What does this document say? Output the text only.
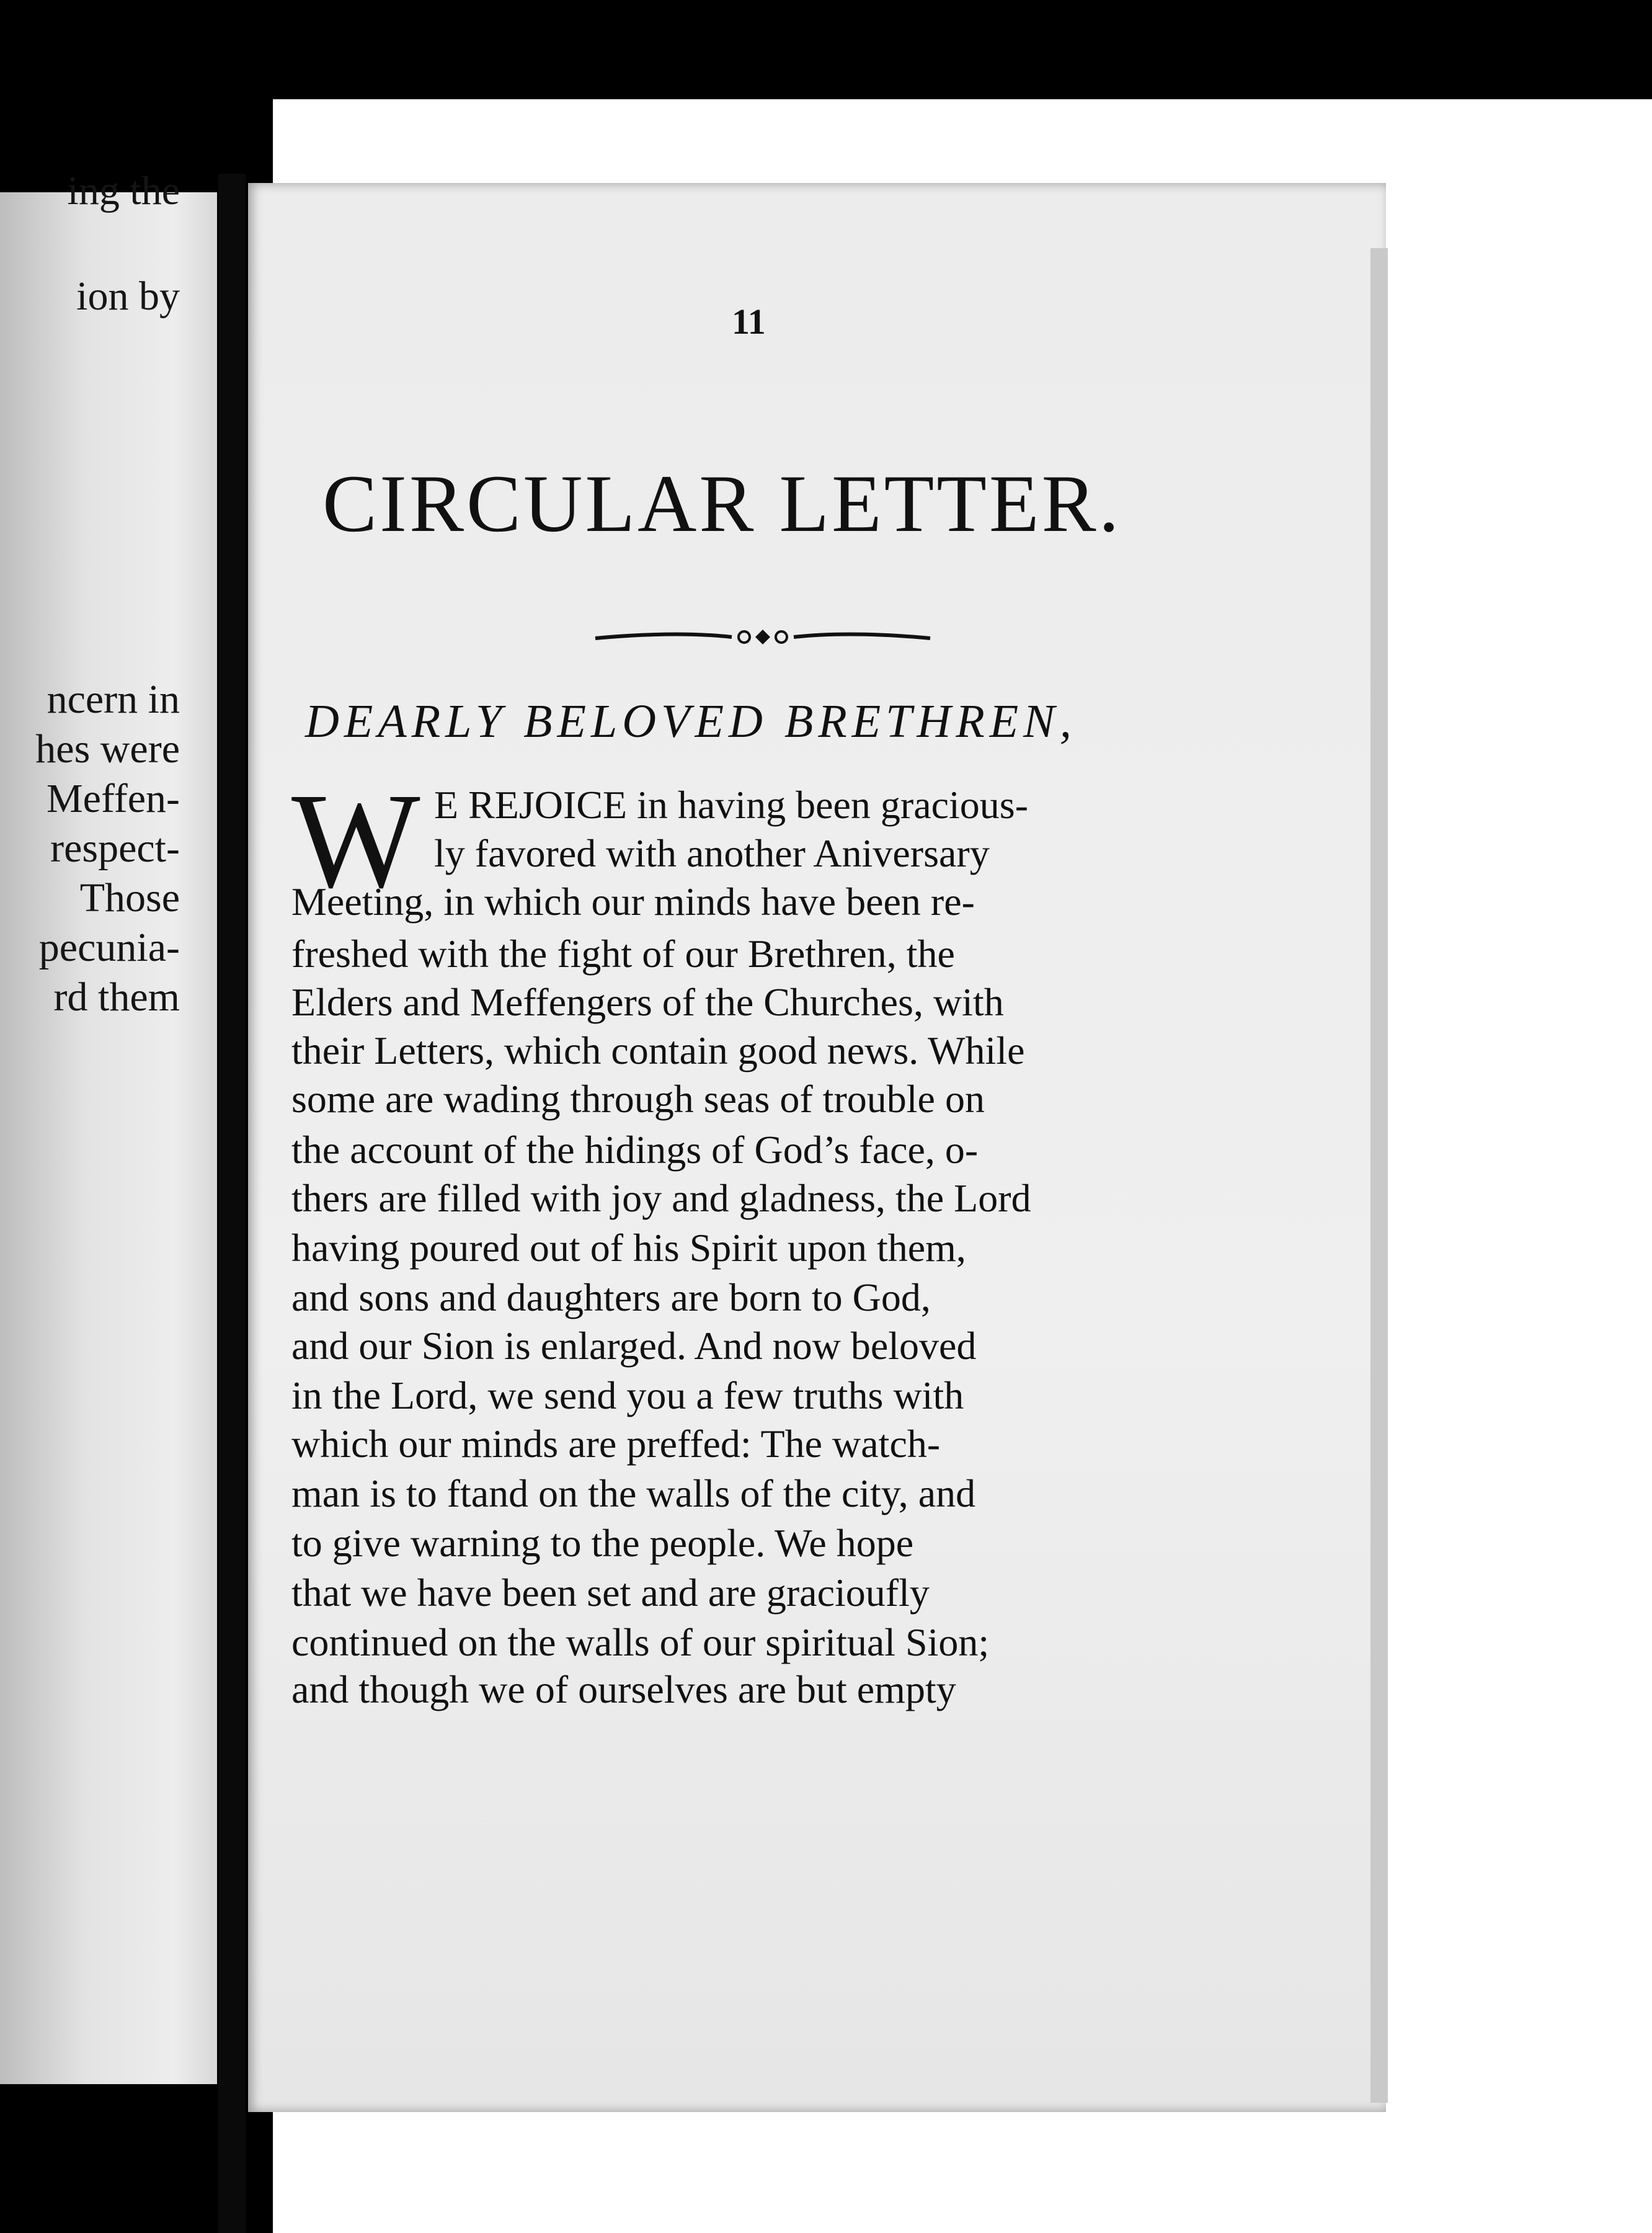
ing the
ion by
ncern in
hes were
Meffen-
respect-
Those
pecunia-
rd them
11
CIRCULAR LETTER.
DEARLY BELOVED BRETHREN,
W E REJOICE in having been gracious-
ly favored with another Aniversary
Meeting, in which our minds have been re-
freshed with the fight of our Brethren, the
Elders and Meffengers of the Churches, with
their Letters, which contain good news. While
some are wading through seas of trouble on
the account of the hidings of God’s face, o-
thers are filled with joy and gladness, the Lord
having poured out of his Spirit upon them,
and sons and daughters are born to God,
and our Sion is enlarged. And now beloved
in the Lord, we send you a few truths with
which our minds are preffed: The watch-
man is to ftand on the walls of the city, and
to give warning to the people. We hope
that we have been set and are gracioufly
continued on the walls of our spiritual Sion;
and though we of ourselves are but empty
